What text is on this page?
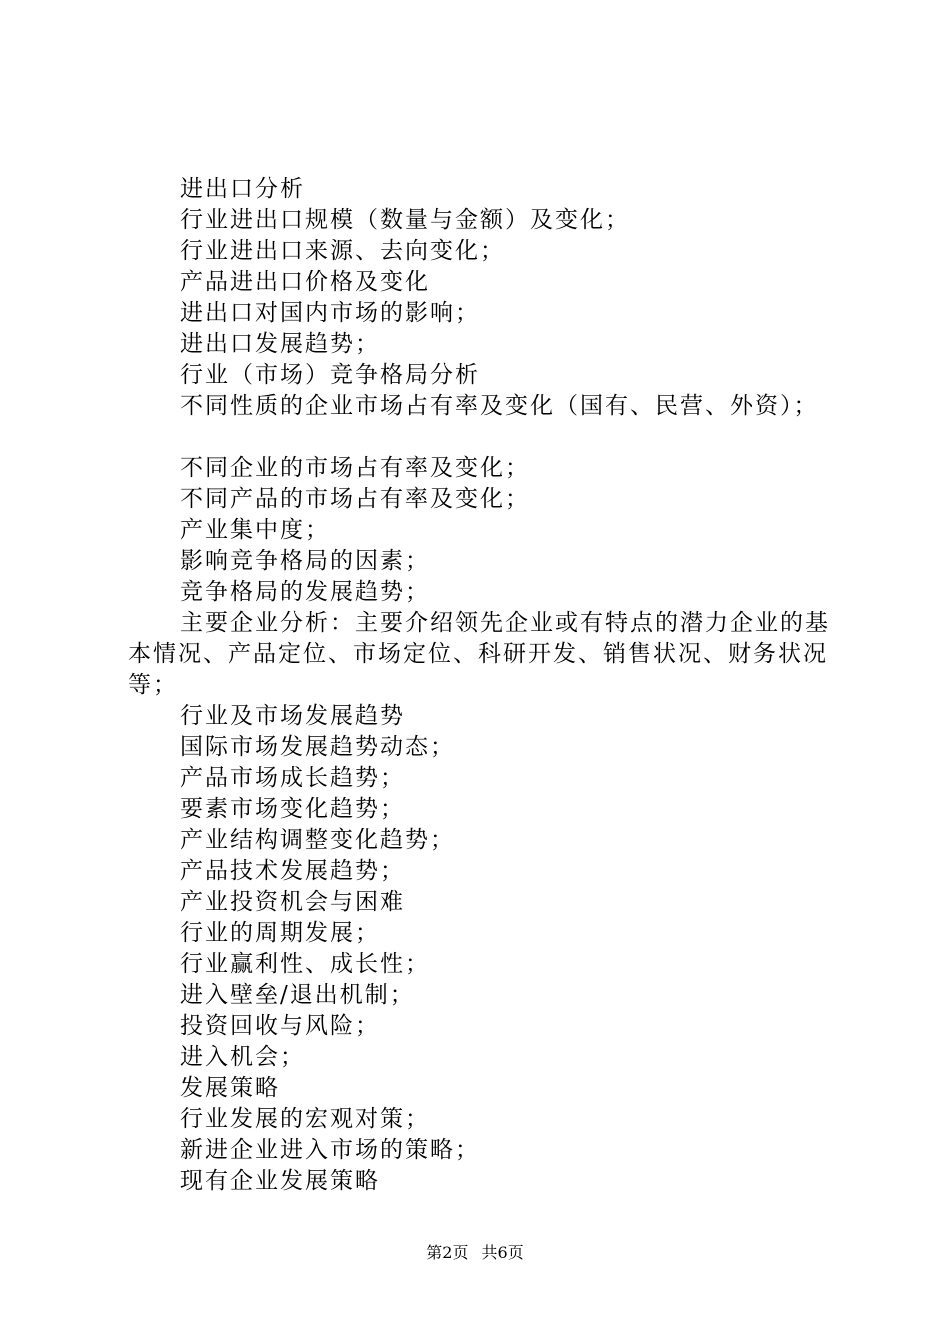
进出口分析
行业进出口规模（数量与金额）及变化；
行业进出口来源、去向变化；
产品进出口价格及变化
进出口对国内市场的影响；
进出口发展趋势；
行业（市场）竞争格局分析
不同性质的企业市场占有率及变化（国有、民营、外资）；
不同企业的市场占有率及变化；
不同产品的市场占有率及变化；
产业集中度；
影响竞争格局的因素；
竞争格局的发展趋势；
主要企业分析：主要介绍领先企业或有特点的潜力企业的基本情况、产品定位、市场定位、科研开发、销售状况、财务状况等；
行业及市场发展趋势
国际市场发展趋势动态；
产品市场成长趋势；
要素市场变化趋势；
产业结构调整变化趋势；
产品技术发展趋势；
产业投资机会与困难
行业的周期发展；
行业赢利性、成长性；
进入壁垒/退出机制；
投资回收与风险；
进入机会；
发展策略
行业发展的宏观对策；
新进企业进入市场的策略；
现有企业发展策略
第2页 共6页
